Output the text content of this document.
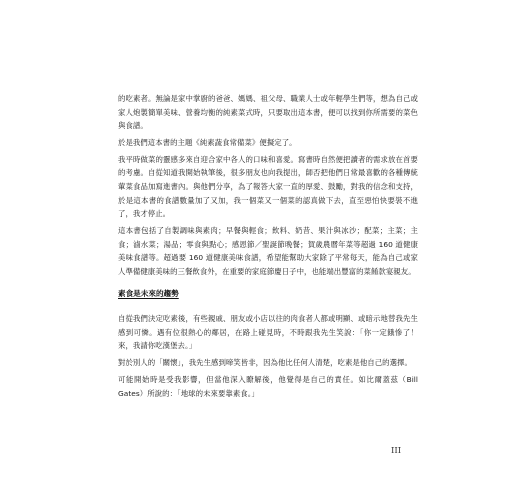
的吃素者。無論是家中掌廚的爸爸、媽媽、祖父母、職業人士或年輕學生們等，想為自己或家人炮製簡單美味、營養均衡的純素菜式時，只要取出這本書，便可以找到你所需要的菜色與食譜。

於是我們這本書的主題《純素蔬食常備菜》便擬定了。

我平時做菜的靈感多來自迎合家中各人的口味和喜愛。寫書時自然便把讀者的需求放在首要的考慮。自從知道我開始執筆後，很多朋友也向我提出，師否把他們日常最喜歡的各種傳統葷菜食品加寫進書內。與他們分享，為了報答大家一直的厚愛、鼓勵，對我的信念和支持，於是這本書的食譜數量加了又加，我一個菜又一個菜的認真做下去，直至惡怕快要裝不進了，我才停止。

這本書包括了自製調味與素肉；早餐與輕食；飲料、奶昔、果汁與冰沙；配菜；主菜；主食；滷水菜；湯品；零食與點心；感恩節／聖誕節晚餐；賀歲農曆年菜等超過 160 道健康美味食譜等。超過要 160 道健康美味食譜，希望能幫助大家除了平常每天，能為自己或家人準備健康美味的三餐飲食外，在重要的家庭節慶日子中，也能端出豐富的菜餚款宴親友。

素食是未來的趨勢

自從我們決定吃素後，有些親戚、朋友或小店以往的肉食者人都或明顯、或暗示地替我先生感到可憐。遇有位很熱心的鄰居，在路上碰見時，不時跟我先生笑說：「你一定餓慘了！來，我請你吃漢堡去。」

對於別人的「關懷」，我先生感到啼笑皆非，因為他比任何人清楚，吃素是他自己的選擇。

可能開始時是受我影響，但當他深入瞭解後，他覺得是自己的責任。如比爾蓋茲（Bill Gates）所說的：「地球的未來要靠素食。」

III
